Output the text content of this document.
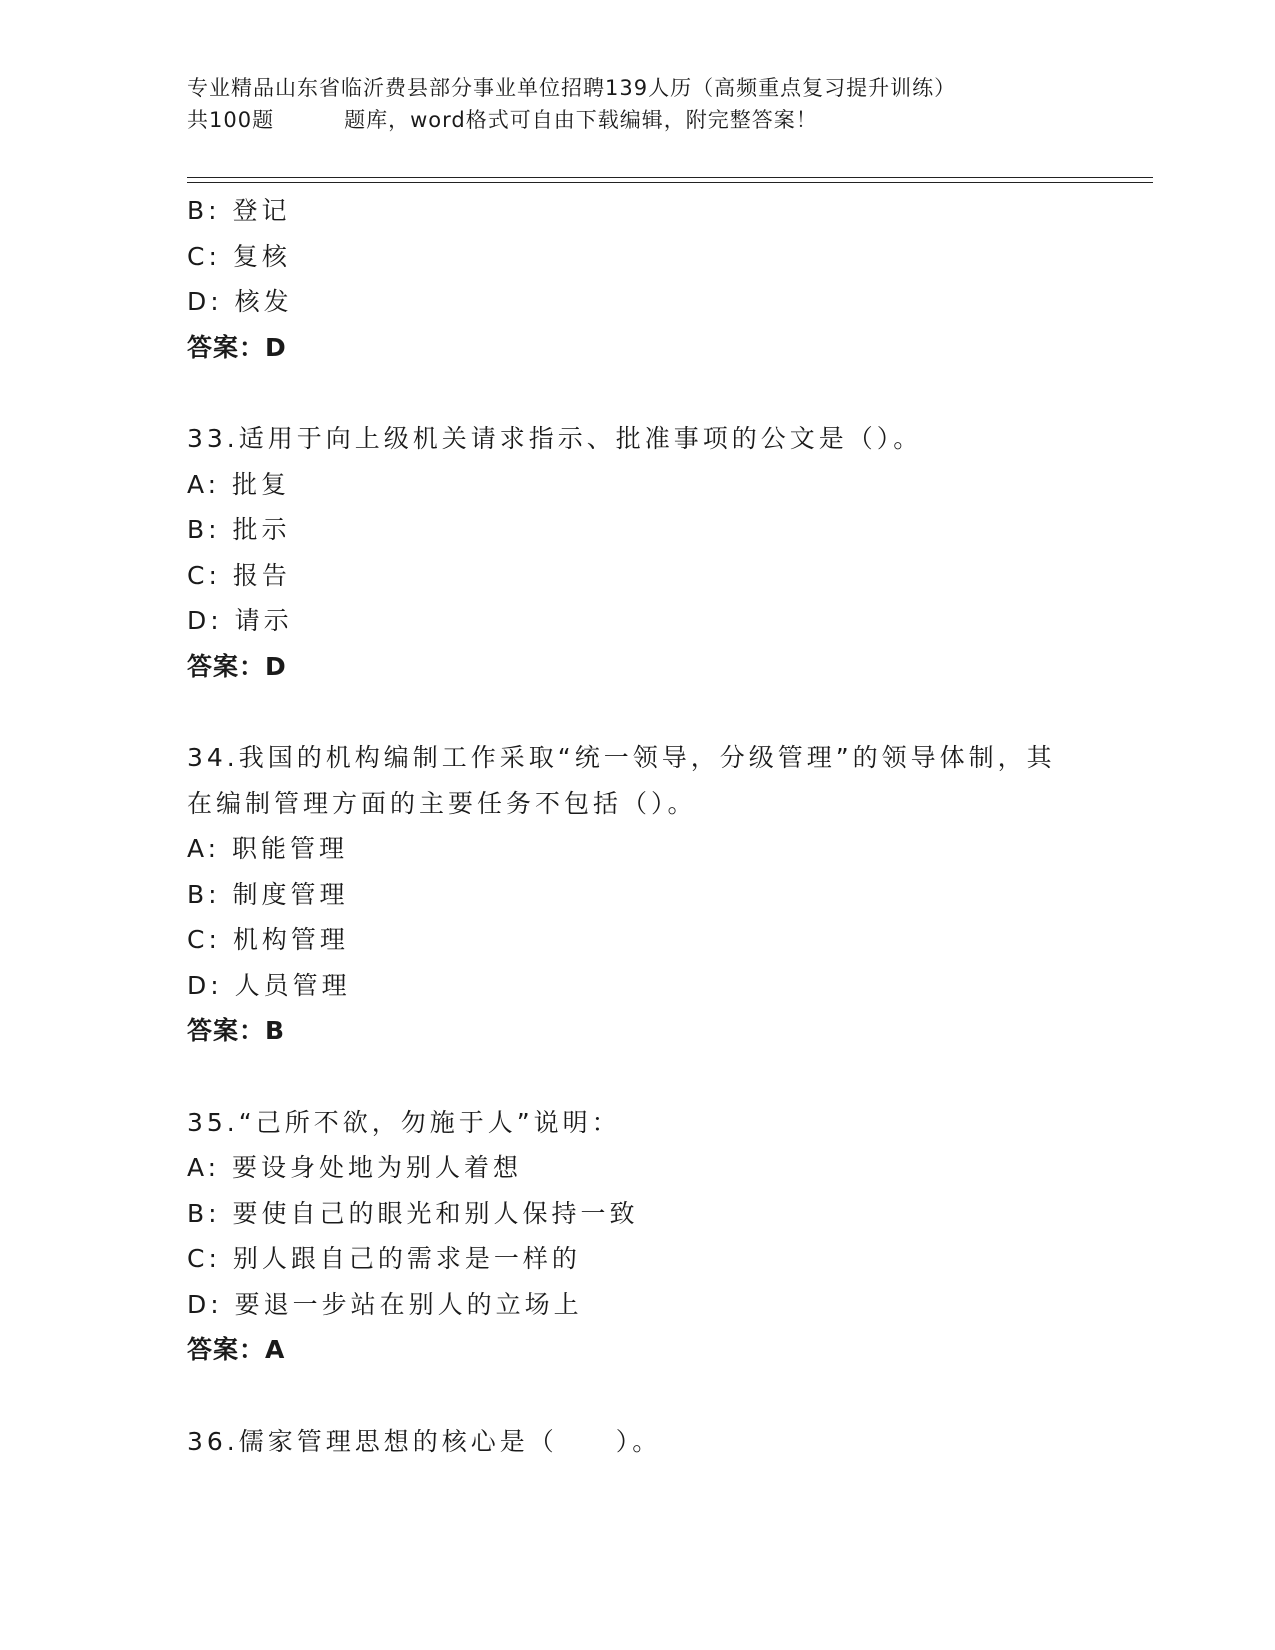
专业精品山东省临沂费县部分事业单位招聘139人历（高频重点复习提升训练）
共100题	题库，word格式可自由下载编辑，附完整答案！
B: 登记
C: 复核
D: 核发
答案：D
33.适用于向上级机关请求指示、批准事项的公文是（）。
A: 批复
B: 批示
C: 报告
D: 请示
答案：D
34.我国的机构编制工作采取“统一领导，分级管理”的领导体制，其
在编制管理方面的主要任务不包括（）。
A: 职能管理
B: 制度管理
C: 机构管理
D: 人员管理
答案：B
35.“己所不欲，勿施于人”说明：
A: 要设身处地为别人着想
B: 要使自己的眼光和别人保持一致
C: 别人跟自己的需求是一样的
D: 要退一步站在别人的立场上
答案：A
36.儒家管理思想的核心是（　　）。
